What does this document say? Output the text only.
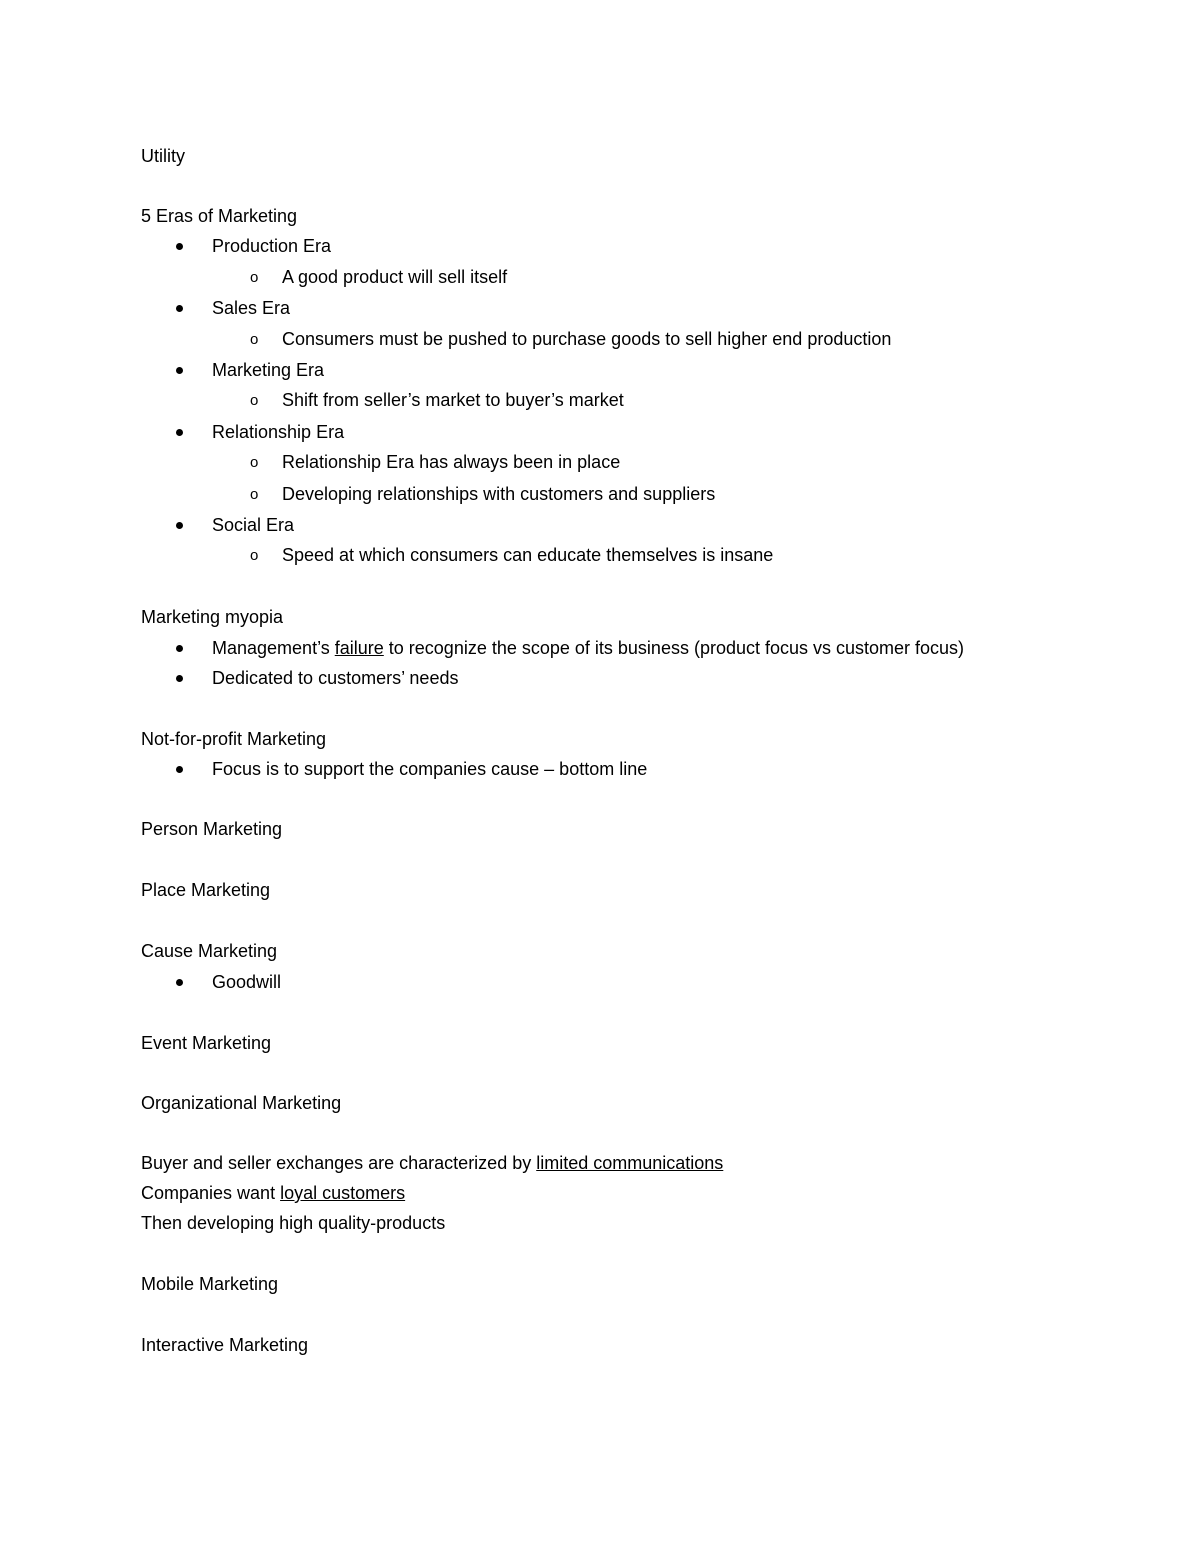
Utility
5 Eras of Marketing
Production Era
o A good product will sell itself
Sales Era
o Consumers must be pushed to purchase goods to sell higher end production
Marketing Era
o Shift from seller’s market to buyer’s market
Relationship Era
o Relationship Era has always been in place
o Developing relationships with customers and suppliers
Social Era
o Speed at which consumers can educate themselves is insane
Marketing myopia
Management’s failure to recognize the scope of its business (product focus vs customer focus)
Dedicated to customers’ needs
Not-for-profit Marketing
Focus is to support the companies cause – bottom line
Person Marketing
Place Marketing
Cause Marketing
Goodwill
Event Marketing
Organizational Marketing
Buyer and seller exchanges are characterized by limited communications
Companies want loyal customers
Then developing high quality-products
Mobile Marketing
Interactive Marketing
